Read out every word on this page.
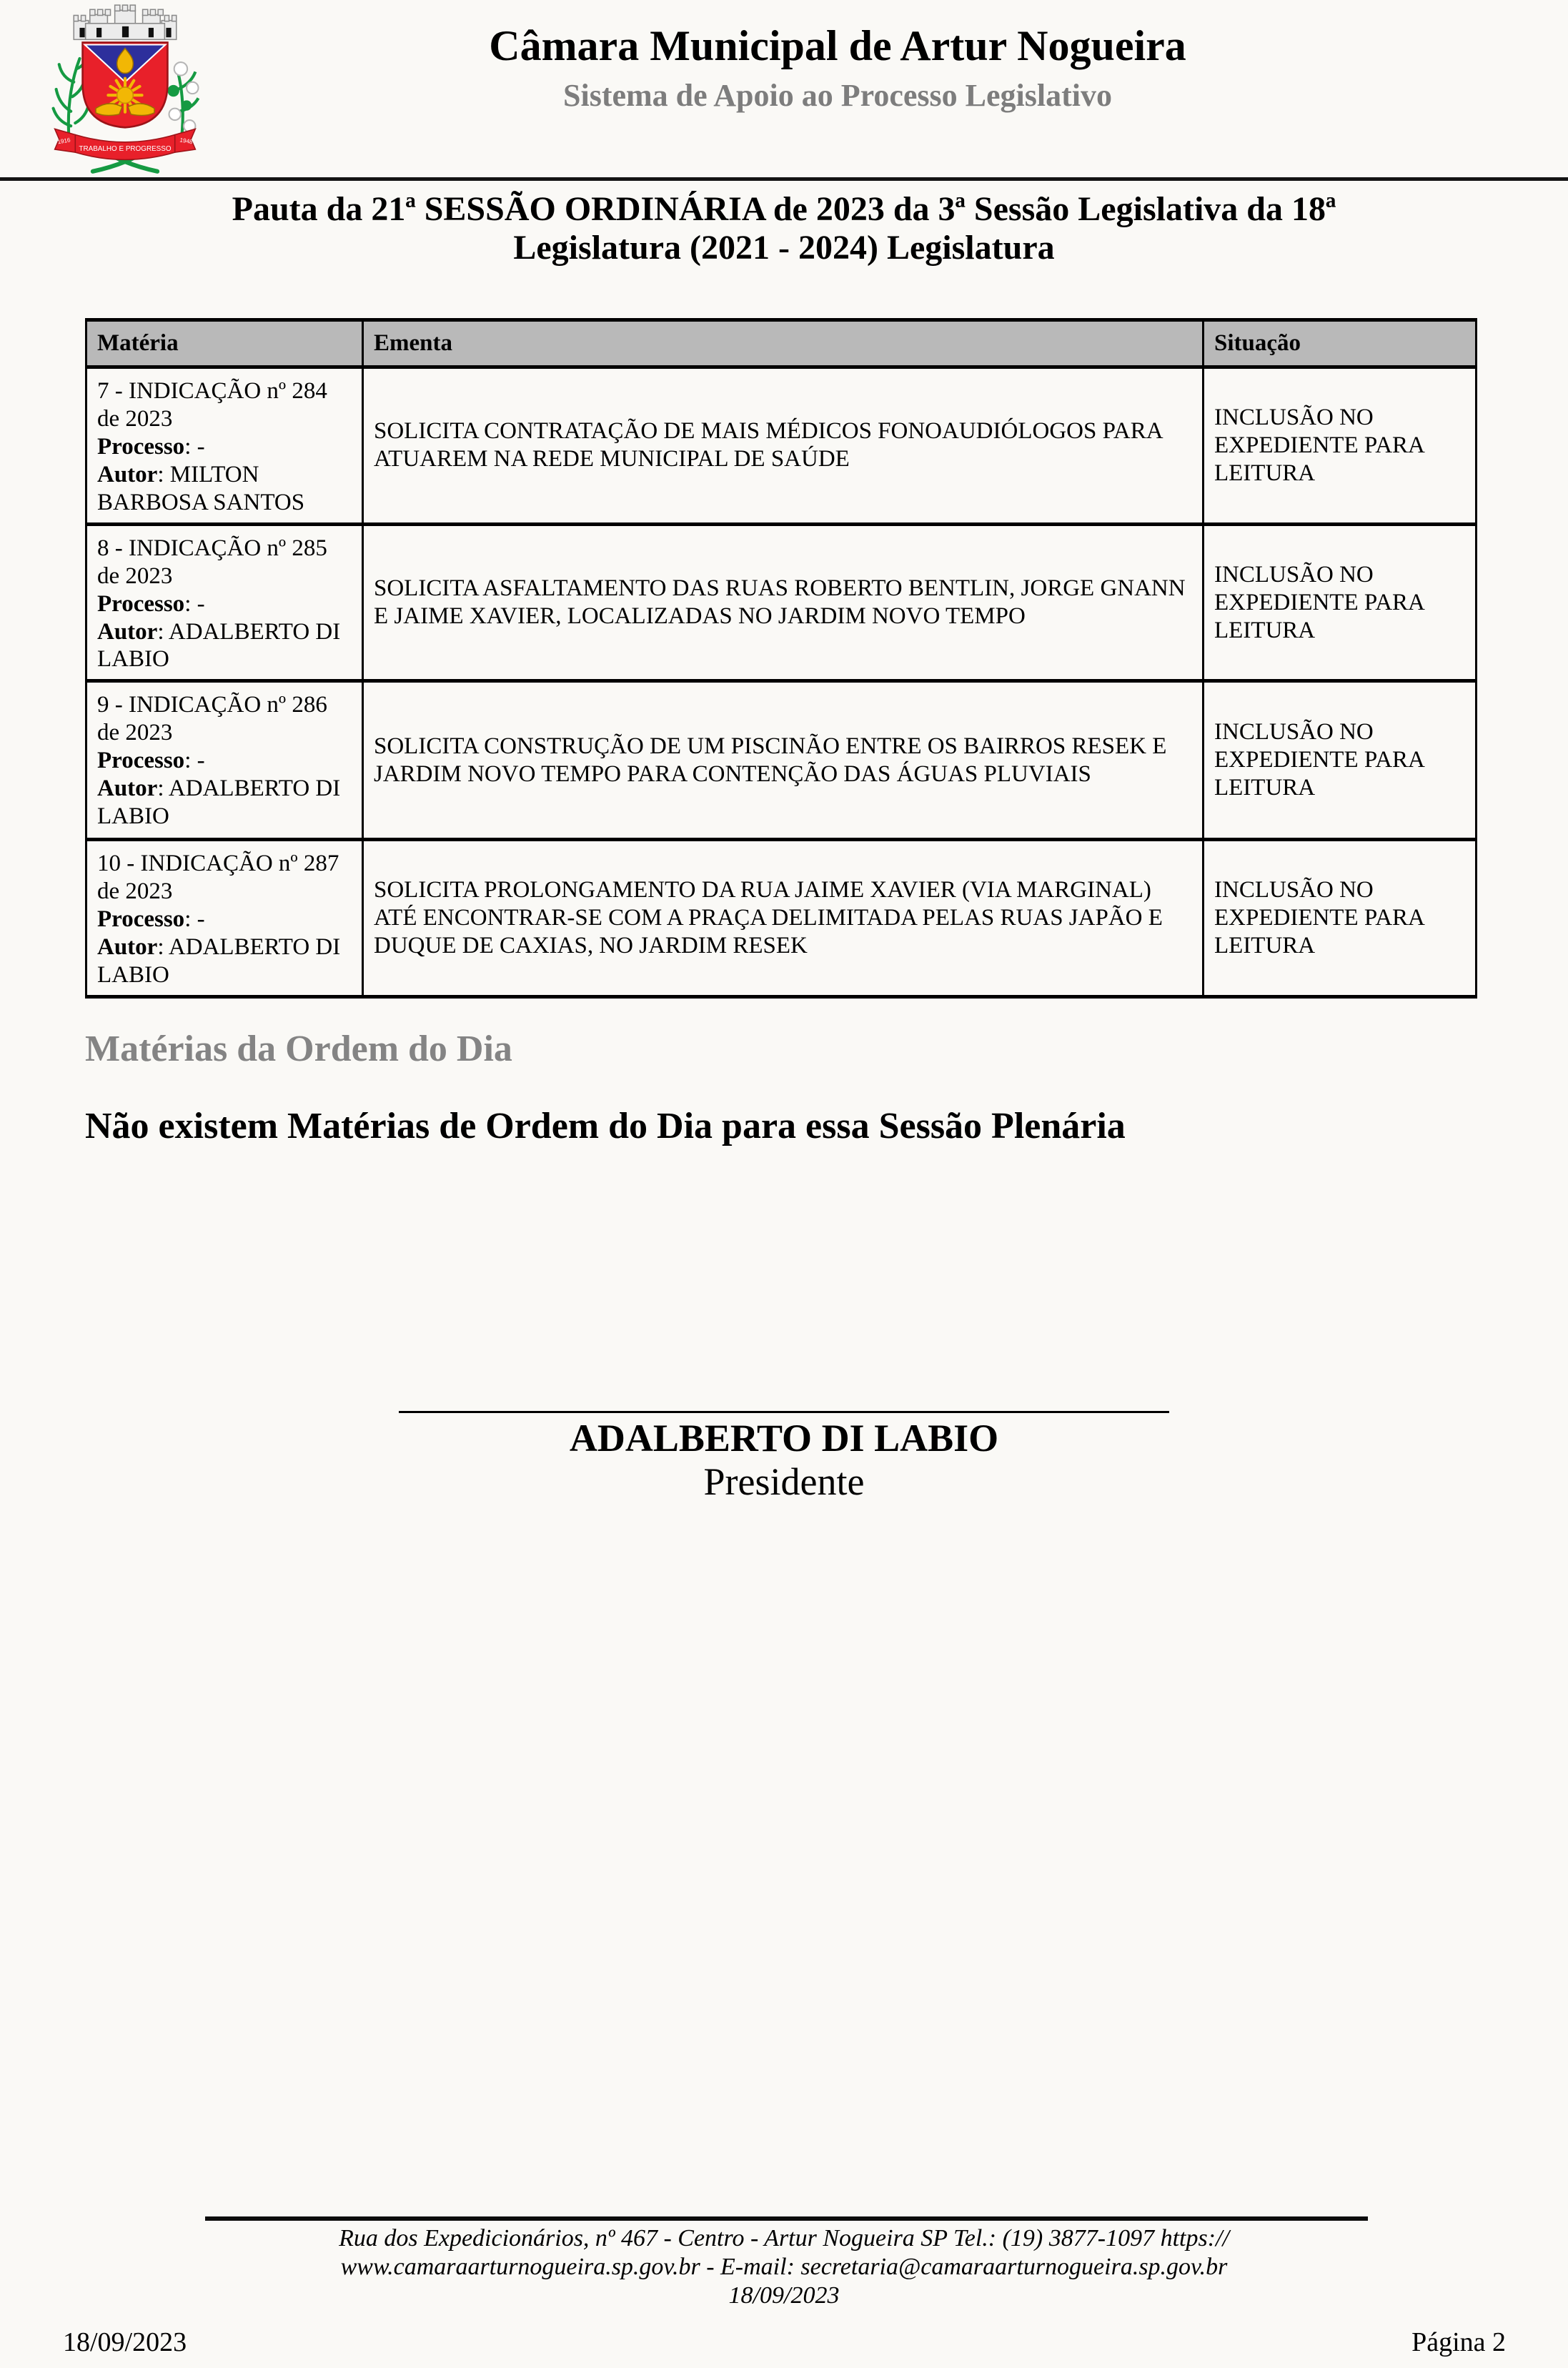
1916	1948
TRABALHO E PROGRESSO
Câmara Municipal de Artur Nogueira
Sistema de Apoio ao Processo Legislativo
Pauta da 21ª SESSÃO ORDINÁRIA de 2023 da 3ª Sessão Legislativa da 18ª
Legislatura (2021 - 2024) Legislatura
Matéria	Ementa	Situação

7 - INDICAÇÃO nº 284 de 2023
Processo: -
Autor: MILTON BARBOSA SANTOS	SOLICITA CONTRATAÇÃO DE MAIS MÉDICOS FONOAUDIÓLOGOS PARA ATUAREM NA REDE MUNICIPAL DE SAÚDE	INCLUSÃO NO EXPEDIENTE PARA LEITURA

8 - INDICAÇÃO nº 285 de 2023
Processo: -
Autor: ADALBERTO DI LABIO	SOLICITA ASFALTAMENTO DAS RUAS ROBERTO BENTLIN, JORGE GNANN E JAIME XAVIER, LOCALIZADAS NO JARDIM NOVO TEMPO	INCLUSÃO NO EXPEDIENTE PARA LEITURA

9 - INDICAÇÃO nº 286 de 2023
Processo: -
Autor: ADALBERTO DI LABIO	SOLICITA CONSTRUÇÃO DE UM PISCINÃO ENTRE OS BAIRROS RESEK E JARDIM NOVO TEMPO PARA CONTENÇÃO DAS ÁGUAS PLUVIAIS	INCLUSÃO NO EXPEDIENTE PARA LEITURA

10 - INDICAÇÃO nº 287 de 2023
Processo: -
Autor: ADALBERTO DI LABIO	SOLICITA PROLONGAMENTO DA RUA JAIME XAVIER (VIA MARGINAL) ATÉ ENCONTRAR-SE COM A PRAÇA DELIMITADA PELAS RUAS JAPÃO E DUQUE DE CAXIAS, NO JARDIM RESEK	INCLUSÃO NO EXPEDIENTE PARA LEITURA
Matérias da Ordem do Dia
Não existem Matérias de Ordem do Dia para essa Sessão Plenária
ADALBERTO DI LABIO
Presidente
Rua dos Expedicionários, nº 467 - Centro - Artur Nogueira SP Tel.: (19) 3877-1097 https://
www.camaraarturnogueira.sp.gov.br - E-mail: secretaria@camaraarturnogueira.sp.gov.br
18/09/2023
18/09/2023	Página 2
